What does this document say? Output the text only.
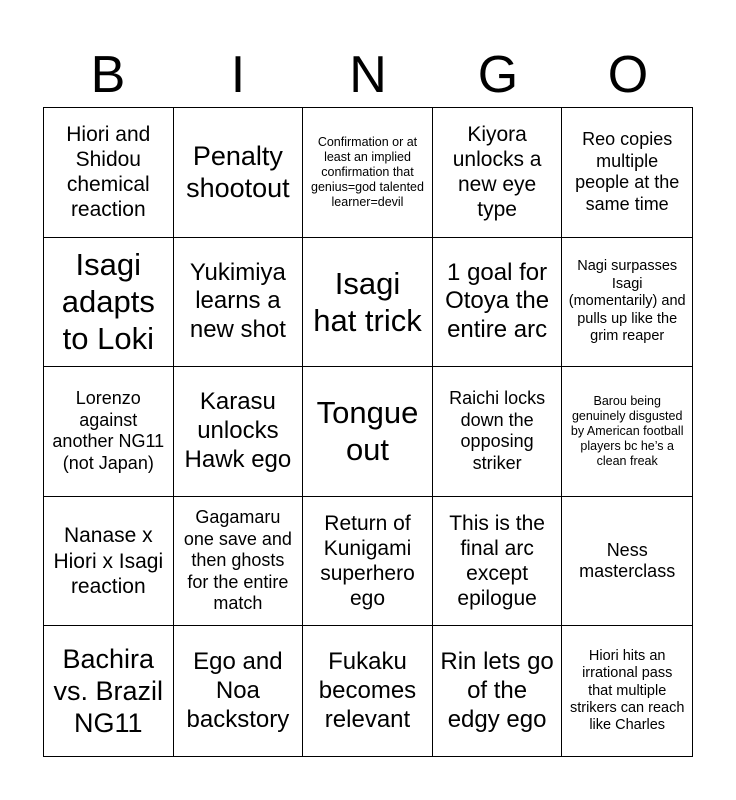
B	I	N	G	O
Hiori and Shidou chemical reaction
Penalty shootout
Confirmation or at least an implied confirmation that genius=god talented learner=devil
Kiyora unlocks a new eye type
Reo copies multiple people at the same time
Isagi adapts to Loki
Yukimiya learns a new shot
Isagi hat trick
1 goal for Otoya the entire arc
Nagi surpasses Isagi (momentarily) and pulls up like the grim reaper
Lorenzo against another NG11 (not Japan)
Karasu unlocks Hawk ego
Tongue out
Raichi locks down the opposing striker
Barou being genuinely disgusted by American football players bc he’s a clean freak
Nanase x Hiori x Isagi reaction
Gagamaru one save and then ghosts for the entire match
Return of Kunigami superhero ego
This is the final arc except epilogue
Ness masterclass
Bachira vs. Brazil NG11
Ego and Noa backstory
Fukaku becomes relevant
Rin lets go of the edgy ego
Hiori hits an irrational pass that multiple strikers can reach like Charles
